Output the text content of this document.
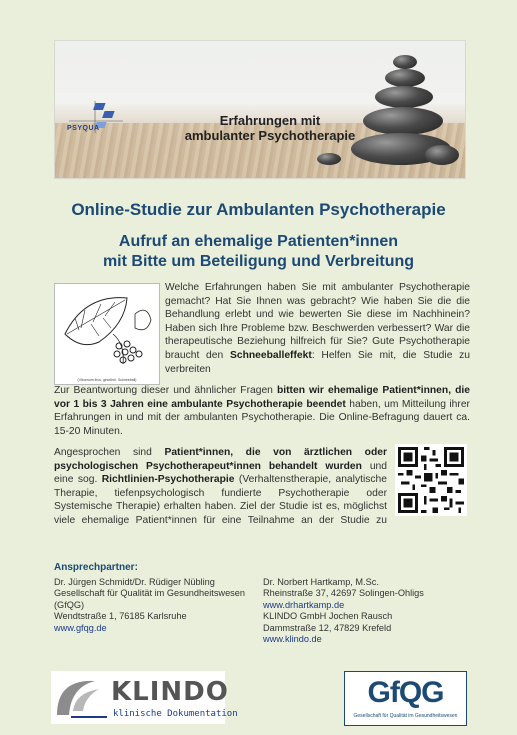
PSYQUA
Erfahrungen mit
ambulanter Psychotherapie
Online-Studie zur Ambulanten Psychotherapie
Aufruf an ehemalige Patienten*innen
mit Bitte um Beteiligung und Verbreitung
(Viburnum lirus, gewöhnl. Schneeball)
Welche Erfahrungen haben Sie mit ambulanter Psychotherapie gemacht? Hat Sie Ihnen was gebracht? Wie haben Sie die die Behandlung erlebt und wie bewerten Sie diese im Nachhinein? Haben sich Ihre Probleme bzw. Beschwerden verbessert? War die therapeutische Beziehung hilfreich für Sie? Gute Psychotherapie braucht den Schneeballeffekt: Helfen Sie mit, die Studie zu verbreiten
Zur Beantwortung dieser und ähnlicher Fragen bitten wir ehemalige Patient*innen, die vor 1 bis 3 Jahren eine ambulante Psychotherapie beendet haben, um Mitteilung ihrer Erfahrungen in und mit der ambulanten Psychotherapie. Die Online-Befragung dauert ca. 15-20 Minuten.
Angesprochen sind Patient*innen, die von ärztlichen oder psychologischen Psychotherapeut*innen behandelt wurden und eine sog. Richtlinien-Psychotherapie (Verhaltenstherapie, analytische Therapie, tiefenpsychologisch fundierte Psychotherapie oder Systemische Therapie) erhalten haben. Ziel der Studie ist es, möglichst viele ehemalige Patient*innen für eine Teilnahme an der Studie zu
Ansprechpartner:
Dr. Jürgen Schmidt/Dr. Rüdiger Nübling
Gesellschaft für Qualität im Gesundheitswesen
(GfQG)
Wendtstraße 1, 76185 Karlsruhe
www.gfqg.de
Dr. Norbert Hartkamp, M.Sc.
Rheinstraße 37, 42697 Solingen-Ohligs
www.drhartkamp.de
KLINDO GmbH Jochen Rausch
Dammstraße 12, 47829 Krefeld
www.klindo.de
KLINDO
klinische Dokumentation
GfQG
Gesellschaft für Qualität im Gesundheitswesen
